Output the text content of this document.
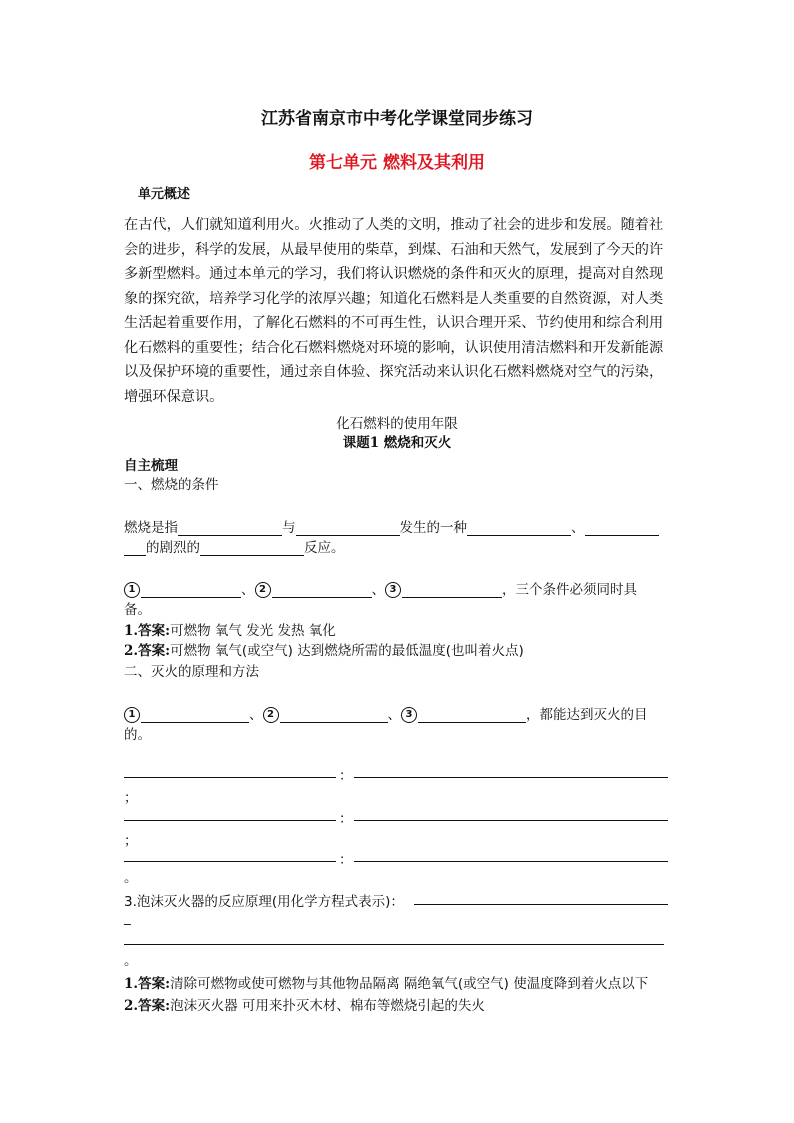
江苏省南京市中考化学课堂同步练习
第七单元 燃料及其利用
单元概述
在古代，人们就知道利用火。火推动了人类的文明，推动了社会的进步和发展。随着社
会的进步，科学的发展，从最早使用的柴草，到煤、石油和天然气，发展到了今天的许
多新型燃料。通过本单元的学习，我们将认识燃烧的条件和灭火的原理，提高对自然现
象的探究欲，培养学习化学的浓厚兴趣；知道化石燃料是人类重要的自然资源，对人类
生活起着重要作用，了解化石燃料的不可再生性，认识合理开采、节约使用和综合利用
化石燃料的重要性；结合化石燃料燃烧对环境的影响，认识使用清洁燃料和开发新能源
以及保护环境的重要性，通过亲自体验、探究活动来认识化石燃料燃烧对空气的污染，
增强环保意识。
化石燃料的使用年限
课题1 燃烧和灭火
自主梳理
一、燃烧的条件
燃烧是指	与	发生的一种	、
的剧烈的	反应。
1	、 2	、 3	，三个条件必须同时具
备。
1.答案:可燃物 氧气 发光 发热 氧化
2.答案:可燃物 氧气(或空气) 达到燃烧所需的最低温度(也叫着火点)
二、灭火的原理和方法
1	、 2	、 3	，都能达到灭火的目
的。
：
；
：
；
：
。
3.泡沫灭火器的反应原理(用化学方程式表示)：
_
。
1.答案:清除可燃物或使可燃物与其他物品隔离 隔绝氧气(或空气) 使温度降到着火点以下
2.答案:泡沫灭火器 可用来扑灭木材、棉布等燃烧引起的失火
